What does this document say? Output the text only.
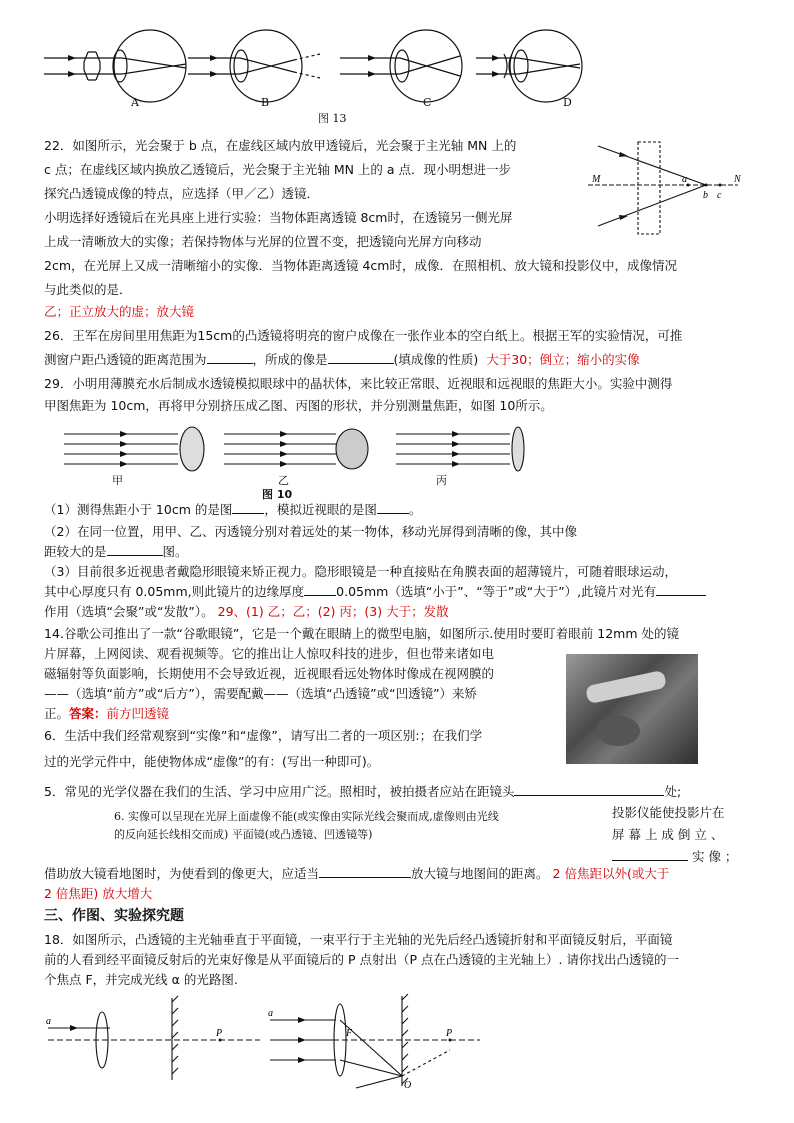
A	B	C	D
图 13
22．如图所示，光会聚于 b 点，在虚线区域内放甲透镜后，光会聚于主光轴 MN 上的
c 点；在虚线区域内换放乙透镜后，光会聚于主光轴 MN 上的 a 点．现小明想进一步
探究凸透镜成像的特点，应选择（甲／乙）透镜．
小明选择好透镜后在光具座上进行实验：当物体距离透镜 8cm时，在透镜另一侧光屏
上成一清晰放大的实像；若保持物体与光屏的位置不变，把透镜向光屏方向移动
2cm，在光屏上又成一清晰缩小的实像．当物体距离透镜 4cm时，成像．在照相机、放大镜和投影仪中，成像情况
与此类似的是．
乙；正立放大的虚；放大镜
M	N
a
b c
26．王军在房间里用焦距为15cm的凸透镜将明亮的窗户成像在一张作业本的空白纸上。根据王军的实验情况，可推
测窗户距凸透镜的距离范围为	，所成的像是	(填成像的性质) 大于30；倒立；缩小的实像
29．小明用薄膜充水后制成水透镜模拟眼球中的晶状体，来比较正常眼、近视眼和远视眼的焦距大小。实验中测得
甲图焦距为 10cm，再将甲分别挤压成乙图、丙图的形状，并分别测量焦距，如图 10所示。
甲	乙	丙
图 10
（1）测得焦距小于 10cm 的是图	，模拟近视眼的是图	。
（2）在同一位置，用甲、乙、丙透镜分别对着远处的某一物体，移动光屏得到清晰的像，其中像
距较大的是	图。
（3）目前很多近视患者戴隐形眼镜来矫正视力。隐形眼镜是一种直接贴在角膜表面的超薄镜片，可随着眼球运动，
其中心厚度只有 0.05mm,则此镜片的边缘厚度	0.05mm（选填“小于”、“等于”或“大于”）,此镜片对光有
作用（选填“会聚”或“发散”）。 29、(1) 乙；乙；(2) 丙；(3) 大于；发散
14.谷歌公司推出了一款“谷歌眼镜”，它是一个戴在眼睛上的微型电脑，如图所示.使用时要盯着眼前 12mm 处的镜
片屏幕，上网阅读、观看视频等。它的推出让人惊叹科技的进步，但也带来诸如电
磁辐射等负面影响，长期使用不会导致近视，近视眼看远处物体时像成在视网膜的
——（选填“前方”或“后方”），需要配戴——（选填“凸透镜”或“凹透镜”）来矫
正。答案：前方凹透镜
6．生活中我们经常观察到“实像”和“虚像”，请写出二者的一项区别:；在我们学
过的光学元件中，能使物体成“虚像”的有：(写出一种即可)。
5．常见的光学仪器在我们的生活、学习中应用广泛。照相时，被拍摄者应站在距镜头	处;
6. 实像可以呈现在光屏上面虚像不能(或实像由实际光线会聚而成,虚像则由光线
的反向延长线相交而成) 平面镜(或凸透镜、凹透镜等)
投影仪能使投影片在
屏 幕 上 成 倒 立 、
实 像 ；
借助放大镜看地图时，为使看到的像更大，应适当	放大镜与地图间的距离。 2 倍焦距以外(或大于
2 倍焦距) 放大增大
三、作图、实验探究题
18．如图所示，凸透镜的主光轴垂直于平面镜，一束平行于主光轴的光先后经凸透镜折射和平面镜反射后，平面镜
前的人看到经平面镜反射后的光束好像是从平面镜后的 P 点射出（P 点在凸透镜的主光轴上）. 请你找出凸透镜的一
个焦点 F，并完成光线 α 的光路图.
a
P
a
F	P
O
